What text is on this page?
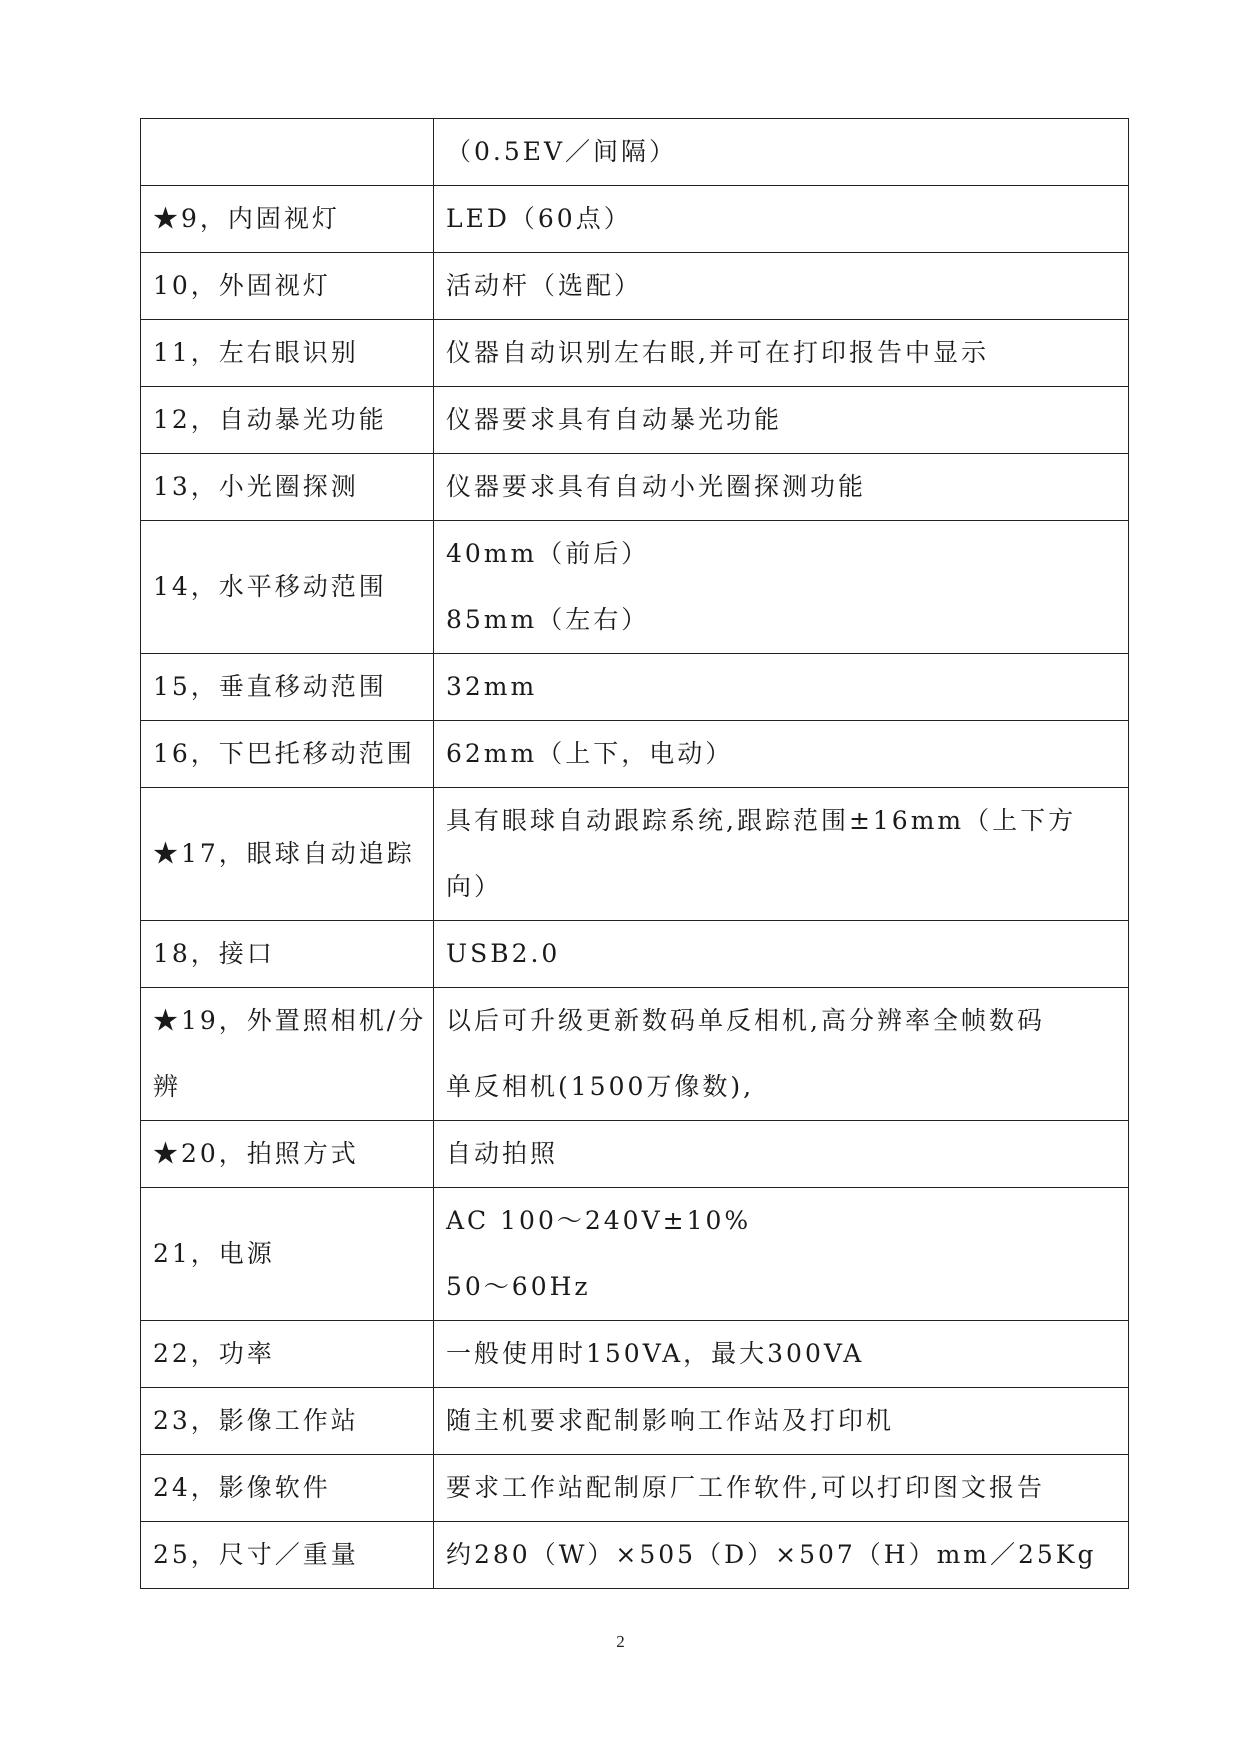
	（0.5EV／间隔）

★9，内固视灯	LED（60点）

10，外固视灯	活动杆（选配）

11，左右眼识别	仪器自动识别左右眼,并可在打印报告中显示

12，自动暴光功能	仪器要求具有自动暴光功能

13，小光圈探测	仪器要求具有自动小光圈探测功能

14，水平移动范围	40mm（前后）
85mm（左右）

15，垂直移动范围	32mm

16，下巴托移动范围	62mm（上下，电动）

★17，眼球自动追踪	具有眼球自动跟踪系统,跟踪范围±16mm（上下方
向）

18，接口	USB2.0

★19，外置照相机/分
辨	以后可升级更新数码单反相机,高分辨率全帧数码
单反相机(1500万像数),

★20，拍照方式	自动拍照

21，电源	AC 100～240V±10%
50～60Hz

22，功率	一般使用时150VA，最大300VA

23，影像工作站	随主机要求配制影响工作站及打印机

24，影像软件	要求工作站配制原厂工作软件,可以打印图文报告

25，尺寸／重量	约280（W）×505（D）×507（H）mm／25Kg
2
